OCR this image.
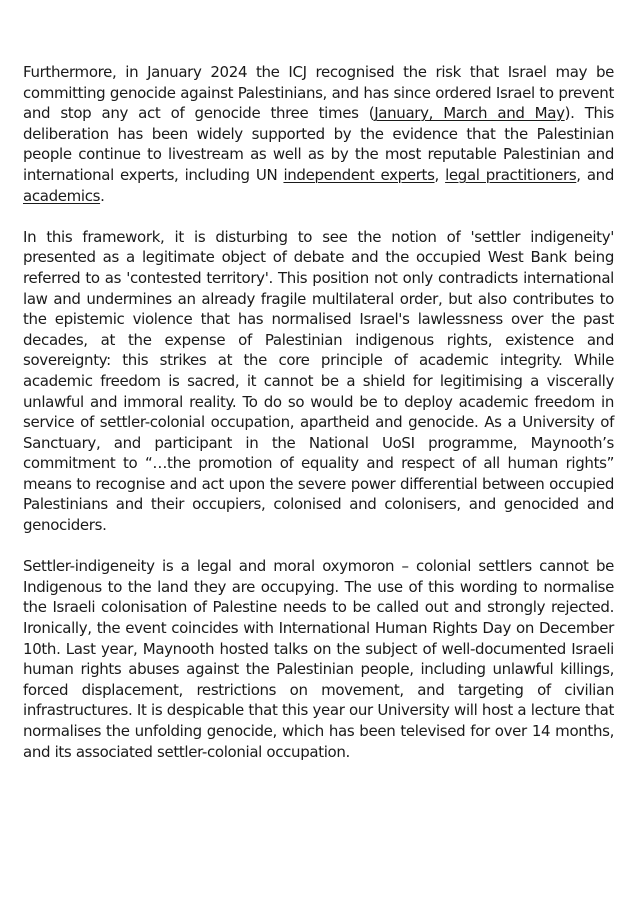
Furthermore, in January 2024 the ICJ recognised the risk that Israel may be committing genocide against Palestinians, and has since ordered Israel to prevent and stop any act of genocide three times (January, March and May). This deliberation has been widely supported by the evidence that the Palestinian people continue to livestream as well as by the most reputable Palestinian and international experts, including UN independent experts, legal practitioners, and academics.

In this framework, it is disturbing to see the notion of 'settler indigeneity' presented as a legitimate object of debate and the occupied West Bank being referred to as 'contested territory'. This position not only contradicts international law and undermines an already fragile multilateral order, but also contributes to the epistemic violence that has normalised Israel's lawlessness over the past decades, at the expense of Palestinian indigenous rights, existence and sovereignty: this strikes at the core principle of academic integrity. While academic freedom is sacred, it cannot be a shield for legitimising a viscerally unlawful and immoral reality. To do so would be to deploy academic freedom in service of settler-colonial occupation, apartheid and genocide. As a University of Sanctuary, and participant in the National UoSI programme, Maynooth’s commitment to “…the promotion of equality and respect of all human rights” means to recognise and act upon the severe power differential between occupied Palestinians and their occupiers, colonised and colonisers, and genocided and genociders.

Settler-indigeneity is a legal and moral oxymoron – colonial settlers cannot be Indigenous to the land they are occupying. The use of this wording to normalise the Israeli colonisation of Palestine needs to be called out and strongly rejected. Ironically, the event coincides with International Human Rights Day on December 10th. Last year, Maynooth hosted talks on the subject of well-documented Israeli human rights abuses against the Palestinian people, including unlawful killings, forced displacement, restrictions on movement, and targeting of civilian infrastructures. It is despicable that this year our University will host a lecture that normalises the unfolding genocide, which has been televised for over 14 months, and its associated settler-colonial occupation.
